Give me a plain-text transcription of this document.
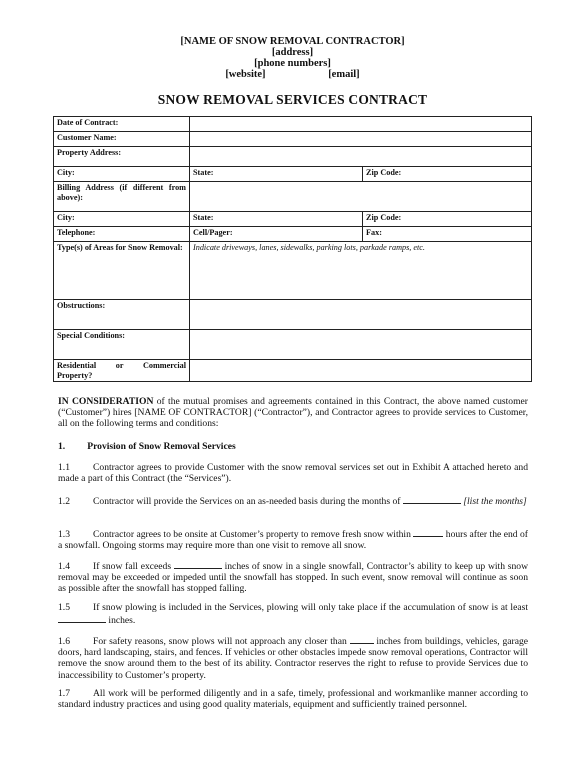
[NAME OF SNOW REMOVAL CONTRACTOR]
[address]
[phone numbers]
[website]	[email]
SNOW REMOVAL SERVICES CONTRACT
Date of Contract:		
Customer Name:		
Property Address:		
City:	State:	Zip Code:
Billing Address (if different from above):		
City:	State:	Zip Code:
Telephone:	Cell/Pager:	Fax:
Type(s) of Areas for Snow Removal:	Indicate driveways, lanes, sidewalks, parking lots, parkade ramps, etc.	
Obstructions:		
Special Conditions:		
Residential or Commercial Property?		

IN CONSIDERATION of the mutual promises and agreements contained in this Contract, the above named customer (“Customer”) hires [NAME OF CONTRACTOR] (“Contractor”), and Contractor agrees to provide services to Customer, all on the following terms and conditions:

1. Provision of Snow Removal Services

1.1 Contractor agrees to provide Customer with the snow removal services set out in Exhibit A attached hereto and made a part of this Contract (the “Services”).

1.2 Contractor will provide the Services on an as-needed basis during the months of	[list the months]

1.3 Contractor agrees to be onsite at Customer’s property to remove fresh snow within	hours after the end of a snowfall. Ongoing storms may require more than one visit to remove all snow.

1.4 If snow fall exceeds	inches of snow in a single snowfall, Contractor’s ability to keep up with snow removal may be exceeded or impeded until the snowfall has stopped. In such event, snow removal will continue as soon as possible after the snowfall has stopped falling.

1.5 If snow plowing is included in the Services, plowing will only take place if the accumulation of snow is at least  inches.

1.6 For safety reasons, snow plows will not approach any closer than	inches from buildings, vehicles, garage doors, hard landscaping, stairs, and fences. If vehicles or other obstacles impede snow removal operations, Contractor will remove the snow around them to the best of its ability. Contractor reserves the right to refuse to provide Services due to inaccessibility to Customer’s property.

1.7 All work will be performed diligently and in a safe, timely, professional and workmanlike manner according to standard industry practices and using good quality materials, equipment and sufficiently trained personnel.
